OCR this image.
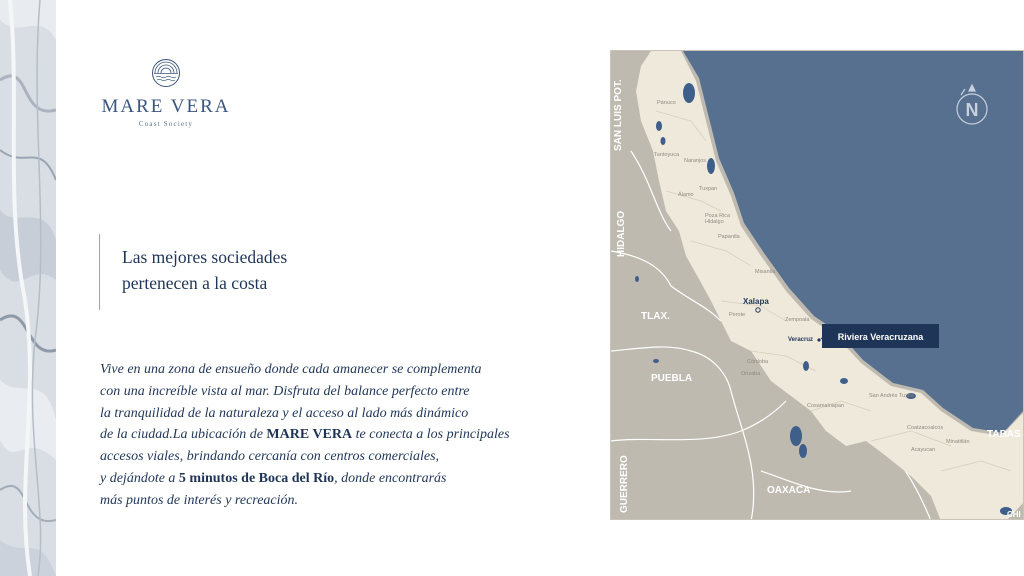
MARE VERA
Coast Society
Las mejores sociedades
pertenecen a la costa
Vive en una zona de ensueño donde cada amanecer se complementa
con una increíble vista al mar. Disfruta del balance perfecto entre
la tranquilidad de la naturaleza y el acceso al lado más dinámico
de la ciudad.La ubicación de MARE VERA te conecta a los principales
accesos viales, brindando cercanía con centros comerciales,
y dejándote a 5 minutos de Boca del Río, donde encontrarás
más puntos de interés y recreación.
SAN LUIS POT.
HIDALGO
TLAX.
PUEBLA
GUERRERO	OAXACA
TABAS
CHI
Pánuco
Tantoyuca
Naranjos
Álamo
Tuxpan
Poza Rica
Hidalgo
Papantla
Misantla
Perote
Zempoala
Córdoba
Orizaba
Cosamaloapan
San Andrés Tuxtla
Coatzacoalcos
Minatitlán
Acayucan
Xalapa
Veracruz	Riviera Veracruzana
N
